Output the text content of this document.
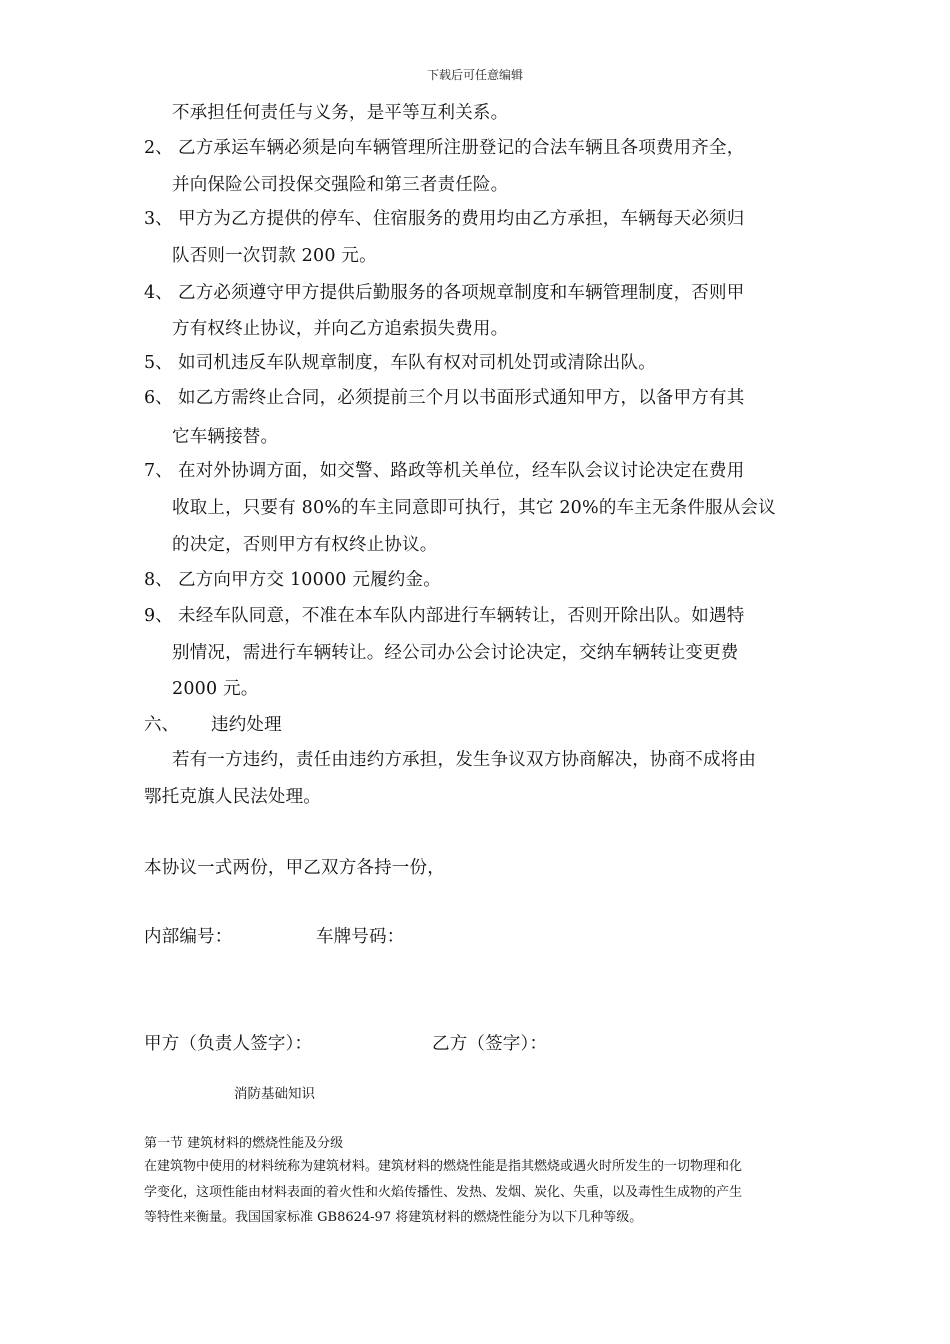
下载后可任意编辑
不承担任何责任与义务，是平等互利关系。
2、 乙方承运车辆必须是向车辆管理所注册登记的合法车辆且各项费用齐全，
并向保险公司投保交强险和第三者责任险。
3、 甲方为乙方提供的停车、住宿服务的费用均由乙方承担，车辆每天必须归
队否则一次罚款 200 元。
4、 乙方必须遵守甲方提供后勤服务的各项规章制度和车辆管理制度，否则甲
方有权终止协议，并向乙方追索损失费用。
5、 如司机违反车队规章制度，车队有权对司机处罚或清除出队。
6、 如乙方需终止合同，必须提前三个月以书面形式通知甲方，以备甲方有其
它车辆接替。
7、 在对外协调方面，如交警、路政等机关单位，经车队会议讨论决定在费用
收取上，只要有 80%的车主同意即可执行，其它 20%的车主无条件服从会议
的决定，否则甲方有权终止协议。
8、 乙方向甲方交 10000 元履约金。
9、 未经车队同意，不准在本车队内部进行车辆转让，否则开除出队。如遇特
别情况，需进行车辆转让。经公司办公会讨论决定，交纳车辆转让变更费
2000 元。
六、 违约处理
若有一方违约，责任由违约方承担，发生争议双方协商解决，协商不成将由
鄂托克旗人民法处理。
本协议一式两份，甲乙双方各持一份，
内部编号：	车牌号码：
甲方（负责人签字）：	乙方（签字）：
消防基础知识
第一节 建筑材料的燃烧性能及分级
在建筑物中使用的材料统称为建筑材料。建筑材料的燃烧性能是指其燃烧或遇火时所发生的一切物理和化
学变化，这项性能由材料表面的着火性和火焰传播性、发热、发烟、炭化、失重，以及毒性生成物的产生
等特性来衡量。我国国家标准 GB8624-97 将建筑材料的燃烧性能分为以下几种等级。
